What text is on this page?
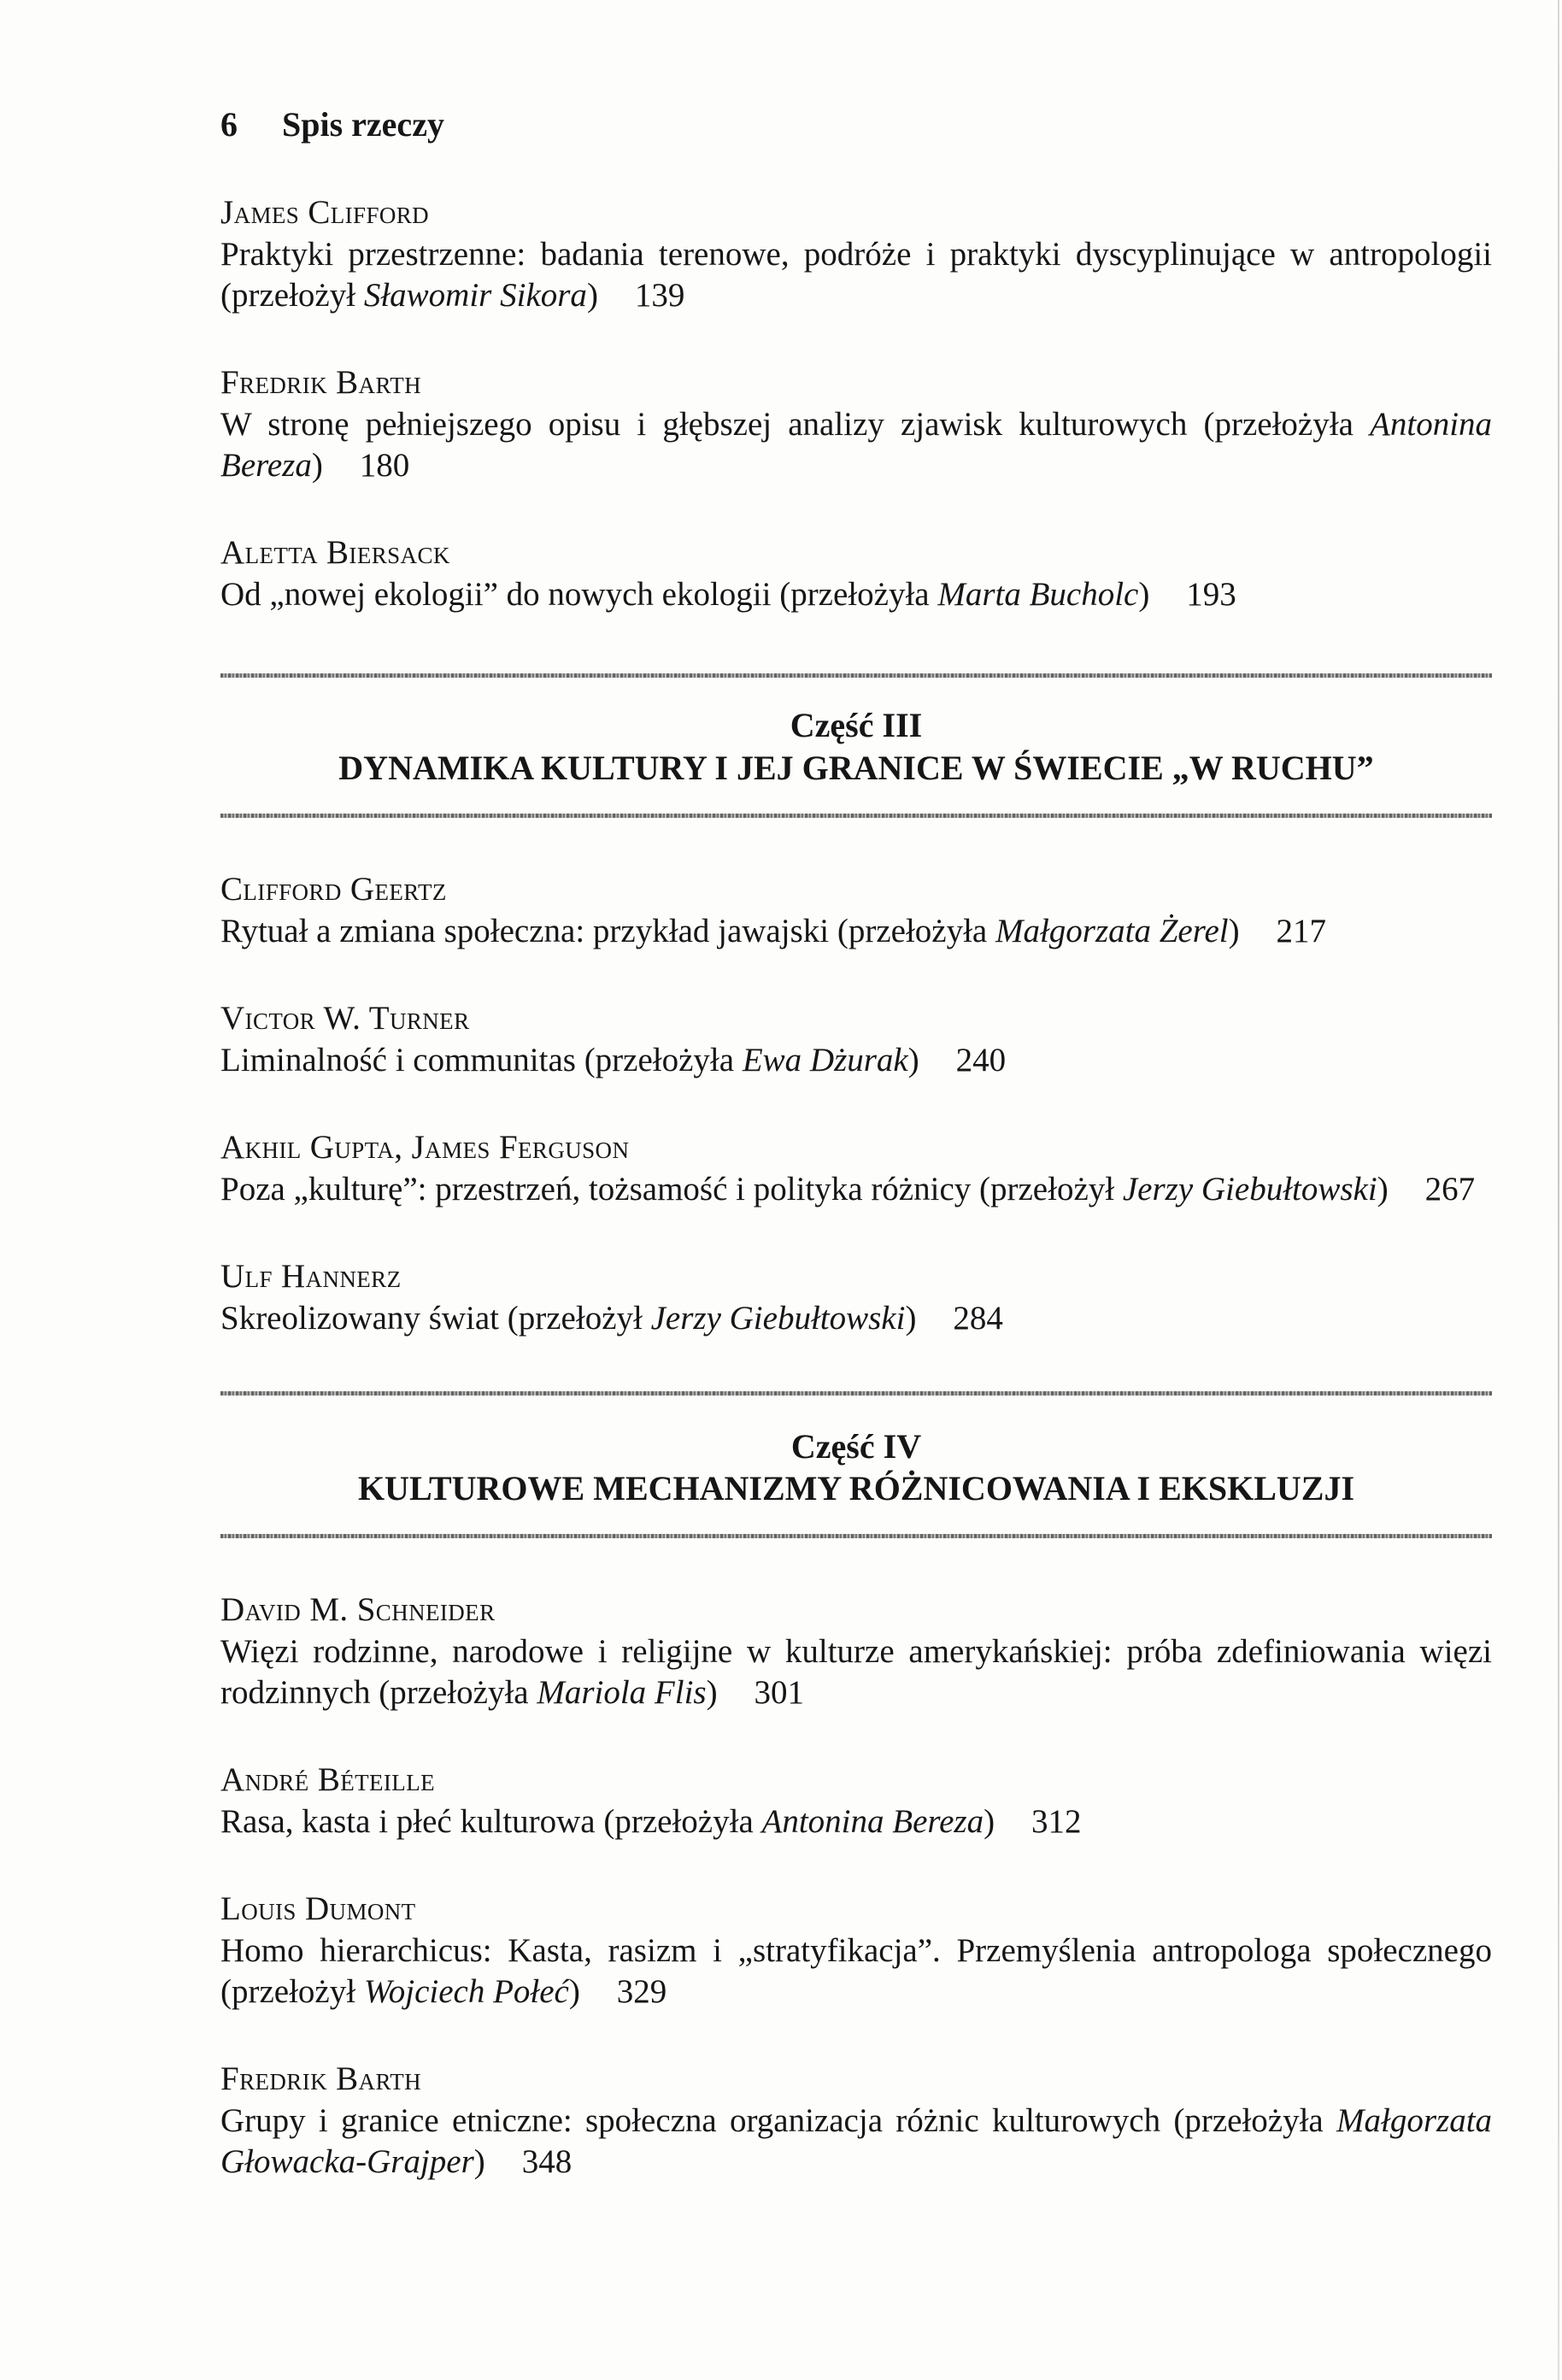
6 Spis rzeczy
James Clifford

Praktyki przestrzenne: badania terenowe, podróże i praktyki dyscyplinujące w antropologii (przełożył Sławomir Sikora) 139

Fredrik Barth

W stronę pełniejszego opisu i głębszej analizy zjawisk kulturowych (przełożyła Antonina Bereza) 180

Aletta Biersack

Od „nowej ekologii” do nowych ekologii (przełożyła Marta Bucholc) 193

Część III
DYNAMIKA KULTURY I JEJ GRANICE W ŚWIECIE „W RUCHU”
Clifford Geertz

Rytuał a zmiana społeczna: przykład jawajski (przełożyła Małgorzata Żerel) 217

Victor W. Turner

Liminalność i communitas (przełożyła Ewa Dżurak) 240

Akhil Gupta, James Ferguson

Poza „kulturę”: przestrzeń, tożsamość i polityka różnicy (przełożył Jerzy Giebułtowski) 267

Ulf Hannerz

Skreolizowany świat (przełożył Jerzy Giebułtowski) 284

Część IV
KULTUROWE MECHANIZMY RÓŻNICOWANIA I EKSKLUZJI
David M. Schneider

Więzi rodzinne, narodowe i religijne w kulturze amerykańskiej: próba zdefiniowania więzi rodzinnych (przełożyła Mariola Flis) 301

André Béteille

Rasa, kasta i płeć kulturowa (przełożyła Antonina Bereza) 312

Louis Dumont

Homo hierarchicus: Kasta, rasizm i „stratyfikacja”. Przemyślenia antropologa społecznego (przełożył Wojciech Połeć) 329

Fredrik Barth

Grupy i granice etniczne: społeczna organizacja różnic kulturowych (przełożyła Małgorzata Głowacka-Grajper) 348
